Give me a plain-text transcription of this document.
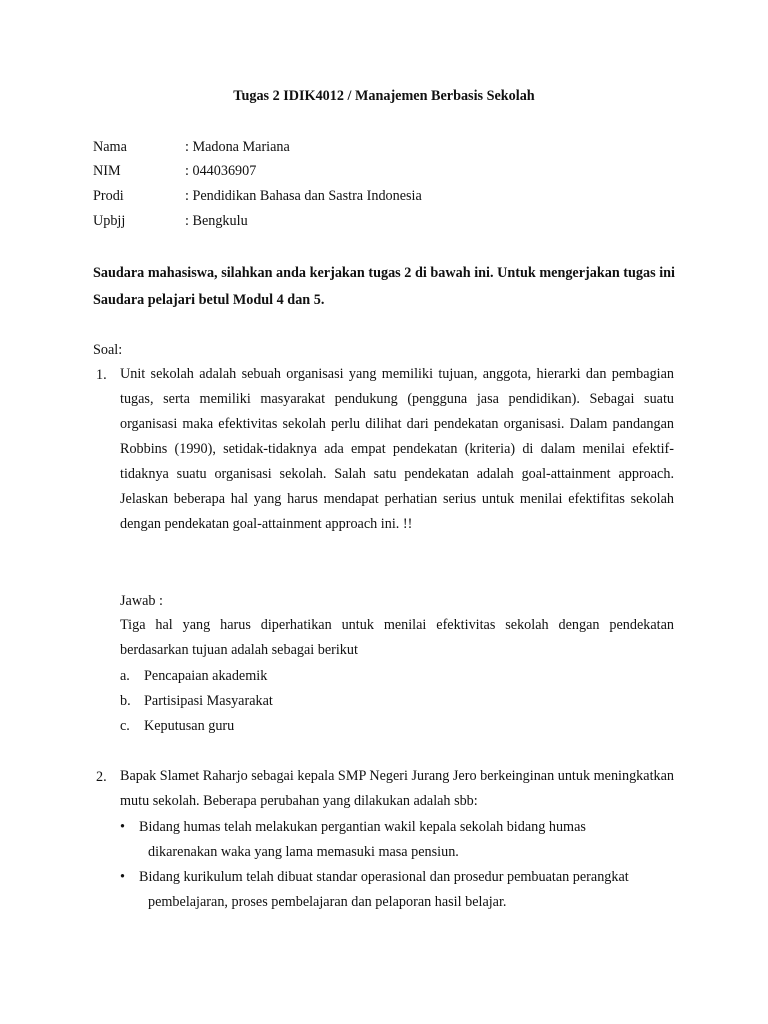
Tugas 2 IDIK4012 / Manajemen Berbasis Sekolah
Nama	: Madona Mariana
NIM	: 044036907
Prodi	: Pendidikan Bahasa dan Sastra Indonesia
Upbjj	: Bengkulu
Saudara mahasiswa, silahkan anda kerjakan tugas 2 di bawah ini. Untuk mengerjakan tugas ini Saudara pelajari betul Modul 4 dan 5.
Soal:
1. Unit sekolah adalah sebuah organisasi yang memiliki tujuan, anggota, hierarki dan pembagian tugas, serta memiliki masyarakat pendukung (pengguna jasa pendidikan). Sebagai suatu organisasi maka efektivitas sekolah perlu dilihat dari pendekatan organisasi. Dalam pandangan Robbins (1990), setidak-tidaknya ada empat pendekatan (kriteria) di dalam menilai efektif-tidaknya suatu organisasi sekolah. Salah satu pendekatan adalah goal-attainment approach. Jelaskan beberapa hal yang harus mendapat perhatian serius untuk menilai efektifitas sekolah dengan pendekatan goal-attainment approach ini. !!

Jawab :

Tiga hal yang harus diperhatikan untuk menilai efektivitas sekolah dengan pendekatan berdasarkan tujuan adalah sebagai berikut

a. Pencapaian akademik
b. Partisipasi Masyarakat
c. Keputusan guru
2. Bapak Slamet Raharjo sebagai kepala SMP Negeri Jurang Jero berkeinginan untuk meningkatkan mutu sekolah. Beberapa perubahan yang dilakukan adalah sbb:

• Bidang humas telah melakukan pergantian wakil kepala sekolah bidang humas
dikarenakan waka yang lama memasuki masa pensiun.

• Bidang kurikulum telah dibuat standar operasional dan prosedur pembuatan perangkat
pembelajaran, proses pembelajaran dan pelaporan hasil belajar.
